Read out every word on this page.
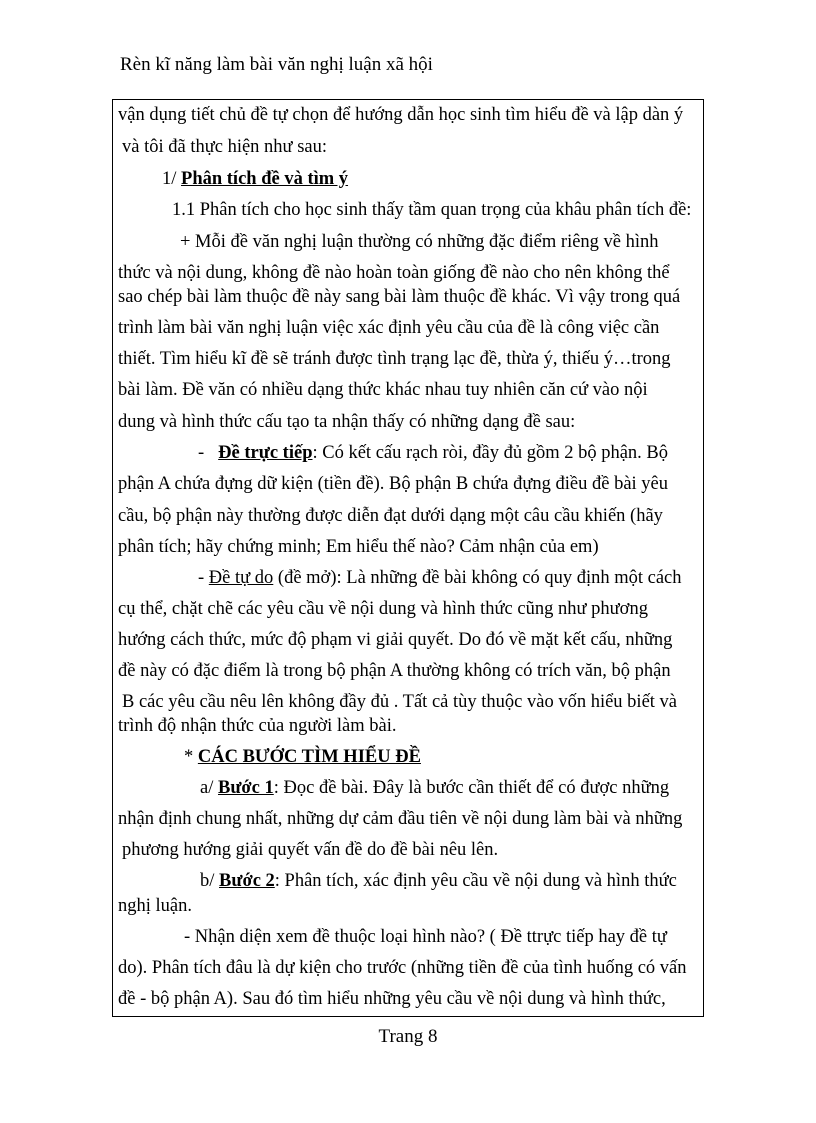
Rèn kĩ năng làm bài văn nghị luận xã hội
vận dụng tiết chủ đề tự chọn để hướng dẫn học sinh tìm hiểu đề và lập dàn ý
và tôi đã thực hiện như sau:
1/ Phân tích đề và tìm ý
1.1 Phân tích cho học sinh thấy tầm quan trọng của khâu phân tích đề:
+ Mỗi đề văn nghị luận thường có những đặc điểm riêng về hình
thức và nội dung, không đề nào hoàn toàn giống đề nào cho nên không thể
sao chép bài làm thuộc đề này sang bài làm thuộc đề khác. Vì vậy trong quá
trình làm bài văn nghị luận việc xác định yêu cầu của đề là công việc cần
thiết. Tìm hiểu kĩ đề sẽ tránh được tình trạng lạc đề, thừa ý, thiếu ý…trong
bài làm. Đề văn có nhiều dạng thức khác nhau tuy nhiên căn cứ vào nội
dung và hình thức cấu tạo ta nhận thấy có những dạng đề sau:
- Đề trực tiếp: Có kết cấu rạch ròi, đầy đủ gồm 2 bộ phận. Bộ
phận A chứa đựng dữ kiện (tiền đề). Bộ phận B chứa đựng điều đề bài yêu
cầu, bộ phận này thường được diễn đạt dưới dạng một câu cầu khiến (hãy
phân tích; hãy chứng minh; Em hiểu thế nào? Cảm nhận của em)
- Đề tự do (đề mở): Là những đề bài không có quy định một cách
cụ thể, chặt chẽ các yêu cầu về nội dung và hình thức cũng như phương
hướng cách thức, mức độ phạm vi giải quyết. Do đó về mặt kết cấu, những
đề này có đặc điểm là trong bộ phận A thường không có trích văn, bộ phận
B các yêu cầu nêu lên không đầy đủ . Tất cả tùy thuộc vào vốn hiểu biết và
trình độ nhận thức của người làm bài.
* CÁC BƯỚC TÌM HIỂU ĐỀ
a/ Bước 1: Đọc đề bài. Đây là bước cần thiết để có được những
nhận định chung nhất, những dự cảm đầu tiên về nội dung làm bài và những
phương hướng giải quyết vấn đề do đề bài nêu lên.
b/ Bước 2: Phân tích, xác định yêu cầu về nội dung và hình thức
nghị luận.
- Nhận diện xem đề thuộc loại hình nào? ( Đề ttrực tiếp hay đề tự
do). Phân tích đâu là dự kiện cho trước (những tiền đề của tình huống có vấn
đề - bộ phận A). Sau đó tìm hiểu những yêu cầu về nội dung và hình thức,
Trang 8
